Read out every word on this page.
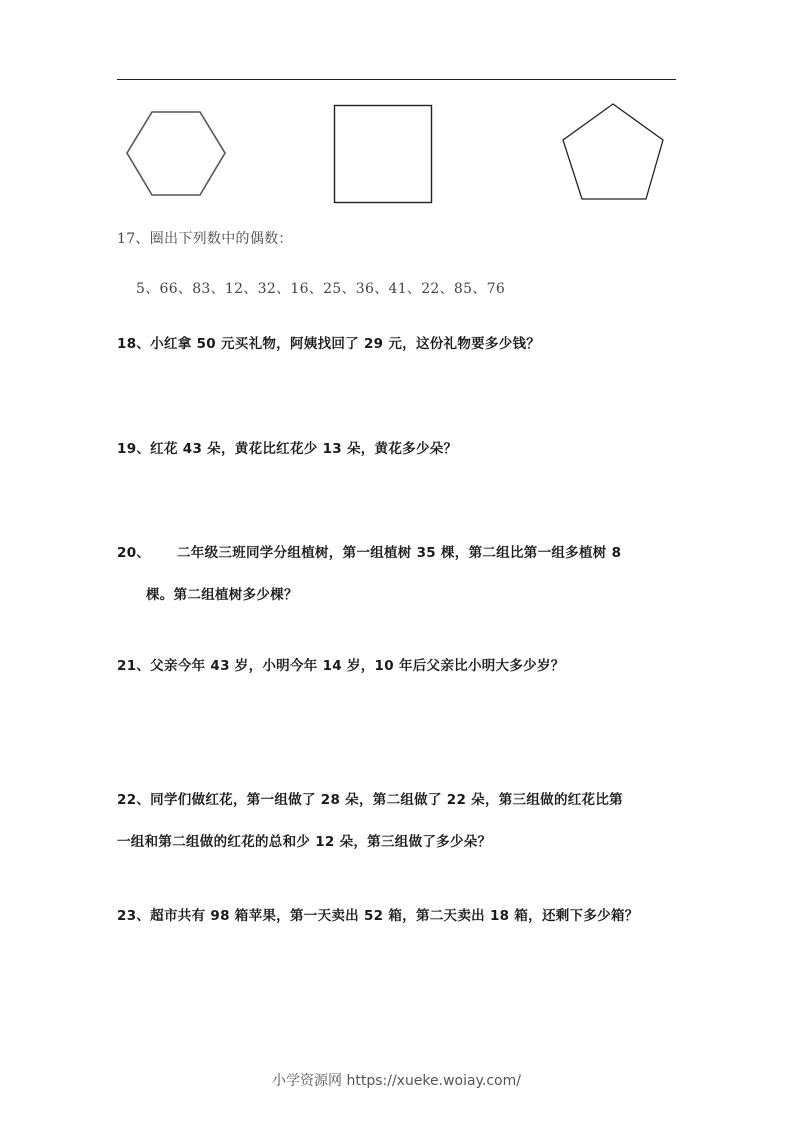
17、圈出下列数中的偶数：
5、66、83、12、32、16、25、36、41、22、85、76
18、小红拿 50 元买礼物，阿姨找回了 29 元，这份礼物要多少钱？
19、红花 43 朵，黄花比红花少 13 朵，黄花多少朵？
20、 二年级三班同学分组植树，第一组植树 35 棵，第二组比第一组多植树 8
棵。第二组植树多少棵？
21、父亲今年 43 岁，小明今年 14 岁，10 年后父亲比小明大多少岁？
22、同学们做红花，第一组做了 28 朵，第二组做了 22 朵，第三组做的红花比第
一组和第二组做的红花的总和少 12 朵，第三组做了多少朵？
23、超市共有 98 箱苹果，第一天卖出 52 箱，第二天卖出 18 箱，还剩下多少箱？
小学资源网 https://xueke.woiay.com/
